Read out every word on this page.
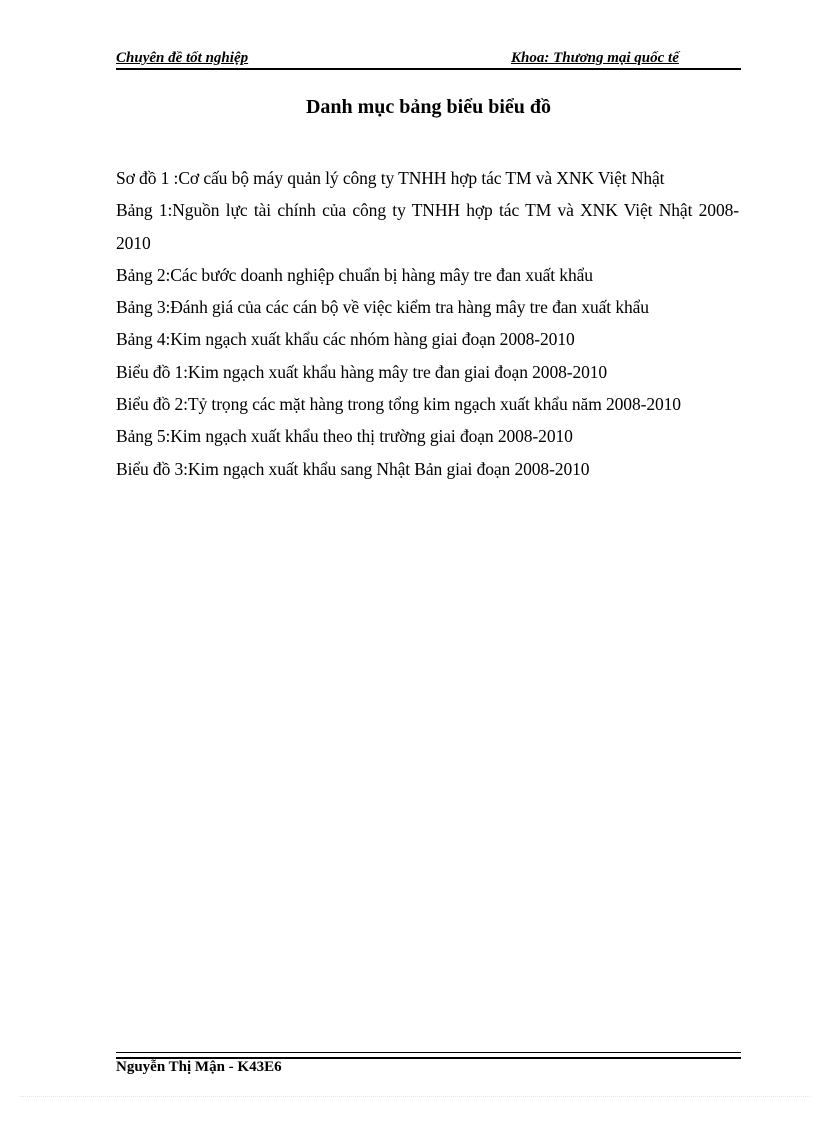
Chuyên đề tốt nghiệp	Khoa: Thương mại quốc tế
Danh mục bảng biểu biểu đồ
Sơ đồ 1 :Cơ cấu bộ máy quản lý công ty TNHH hợp tác TM và XNK Việt Nhật
Bảng 1:Nguồn lực tài chính của công ty TNHH hợp tác TM và XNK Việt Nhật 2008-2010
Bảng 2:Các bước doanh nghiệp chuẩn bị hàng mây tre đan xuất khẩu
Bảng 3:Đánh giá của các cán bộ về việc kiểm tra hàng mây tre đan xuất khẩu
Bảng 4:Kim ngạch xuất khẩu các nhóm hàng giai đoạn 2008-2010
Biểu đồ 1:Kim ngạch xuất khẩu hàng mây tre đan giai đoạn 2008-2010
Biểu đồ 2:Tỷ trọng các mặt hàng trong tổng kim ngạch xuất khẩu năm 2008-2010
Bảng 5:Kim ngạch xuất khẩu theo thị trường giai đoạn 2008-2010
Biểu đồ 3:Kim ngạch xuất khẩu sang Nhật Bản giai đoạn 2008-2010
Nguyễn Thị Mận - K43E6
